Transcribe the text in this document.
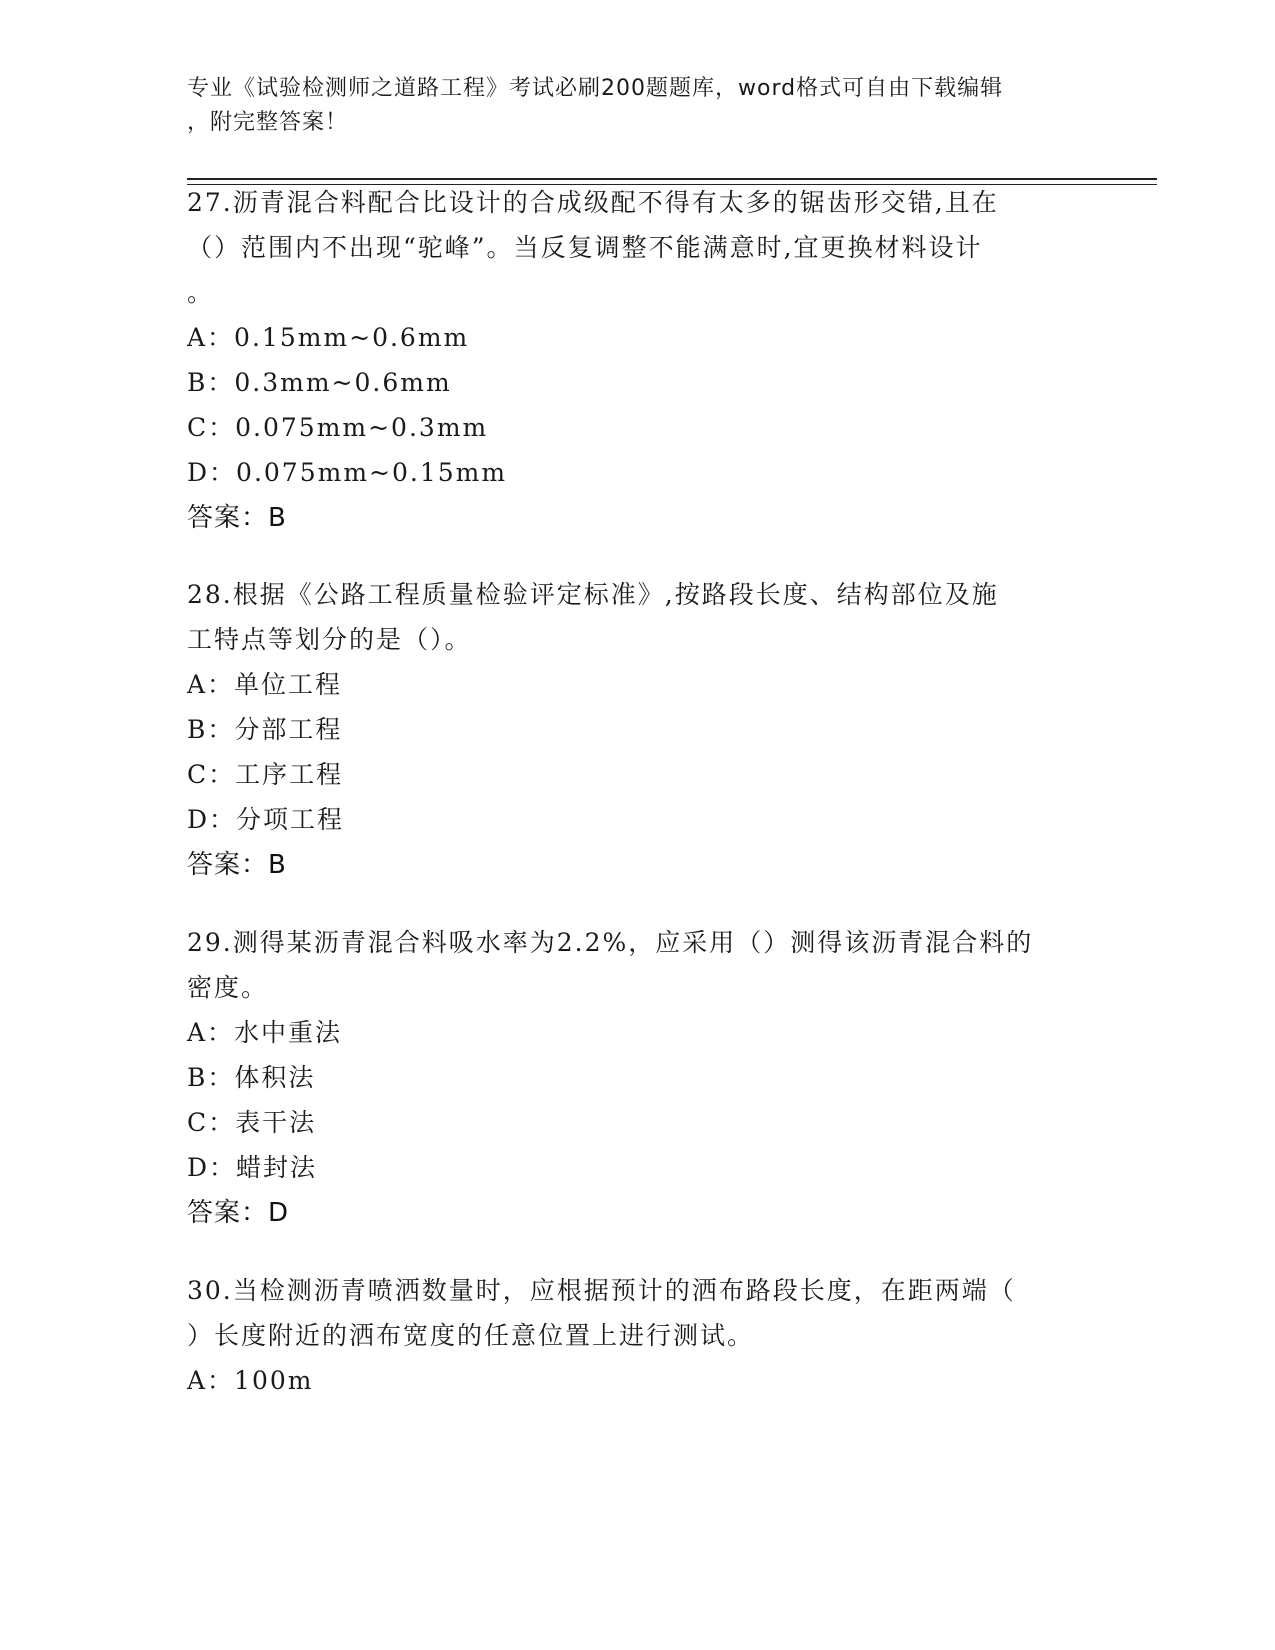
专业《试验检测师之道路工程》考试必刷200题题库，word格式可自由下载编辑
，附完整答案！
27.沥青混合料配合比设计的合成级配不得有太多的锯齿形交错,且在
（）范围内不出现“驼峰”。当反复调整不能满意时,宜更换材料设计
。
A：0.15mm~0.6mm
B：0.3mm~0.6mm
C：0.075mm~0.3mm
D：0.075mm~0.15mm
答案：B
28.根据《公路工程质量检验评定标准》,按路段长度、结构部位及施
工特点等划分的是（）。
A：单位工程
B：分部工程
C：工序工程
D：分项工程
答案：B
29.测得某沥青混合料吸水率为2.2%，应采用（）测得该沥青混合料的
密度。
A：水中重法
B：体积法
C：表干法
D：蜡封法
答案：D
30.当检测沥青喷洒数量时，应根据预计的洒布路段长度，在距两端（
）长度附近的洒布宽度的任意位置上进行测试。
A：100m
